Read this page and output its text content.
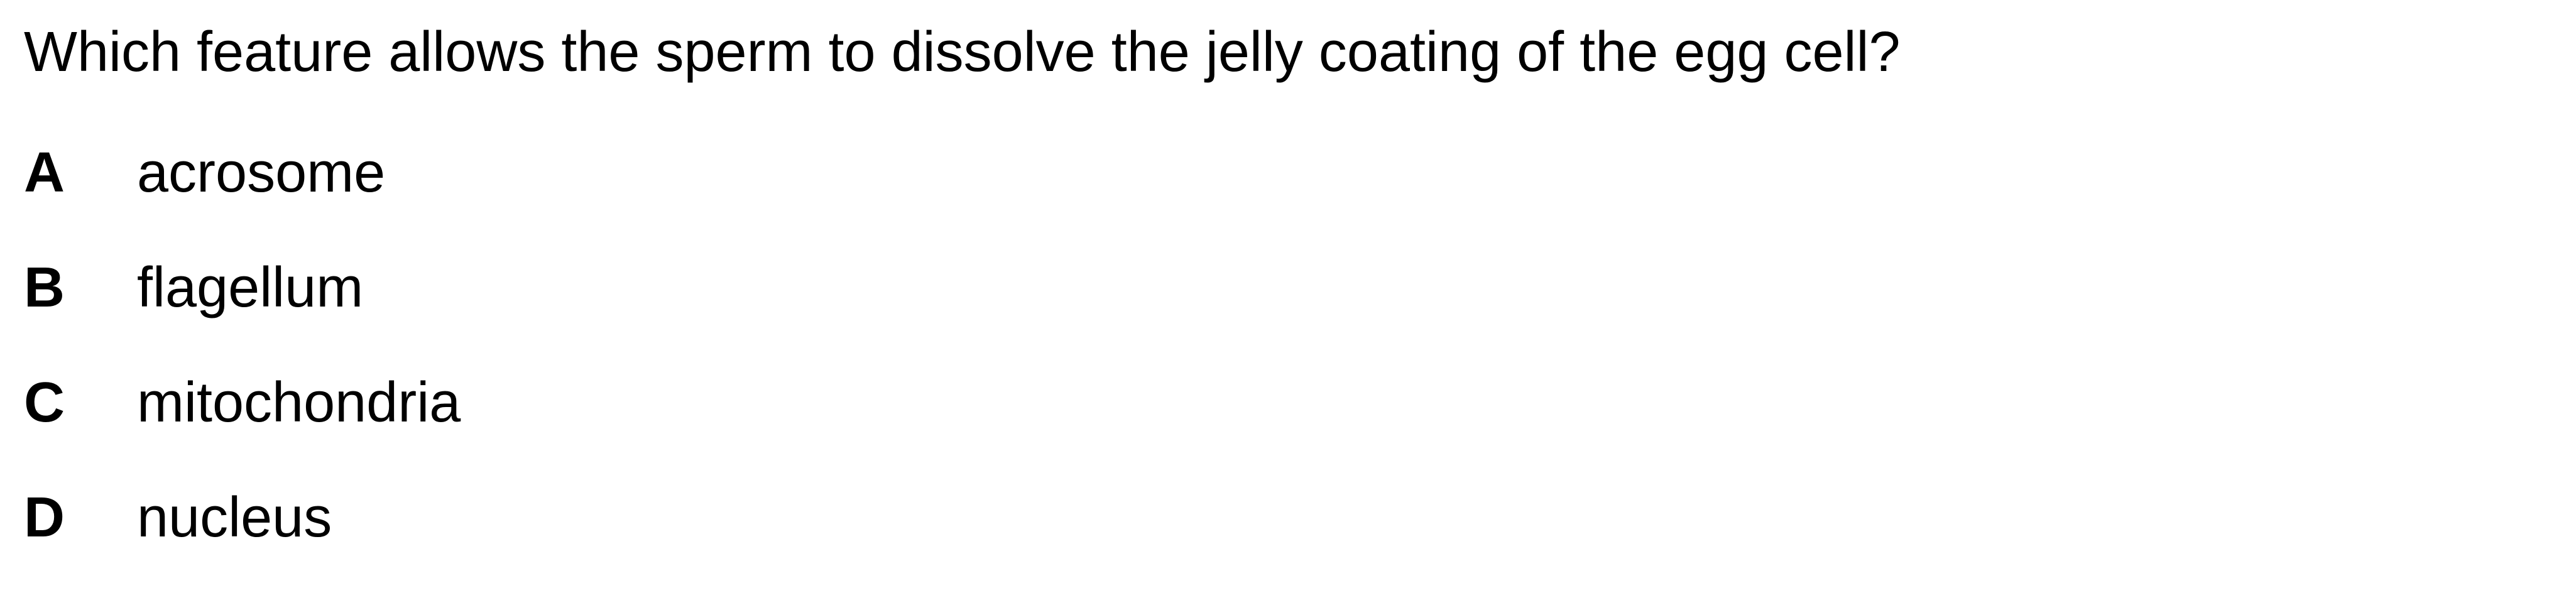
Which feature allows the sperm to dissolve the jelly coating of the egg cell?
A	acrosome
B	flagellum
C	mitochondria
D	nucleus
